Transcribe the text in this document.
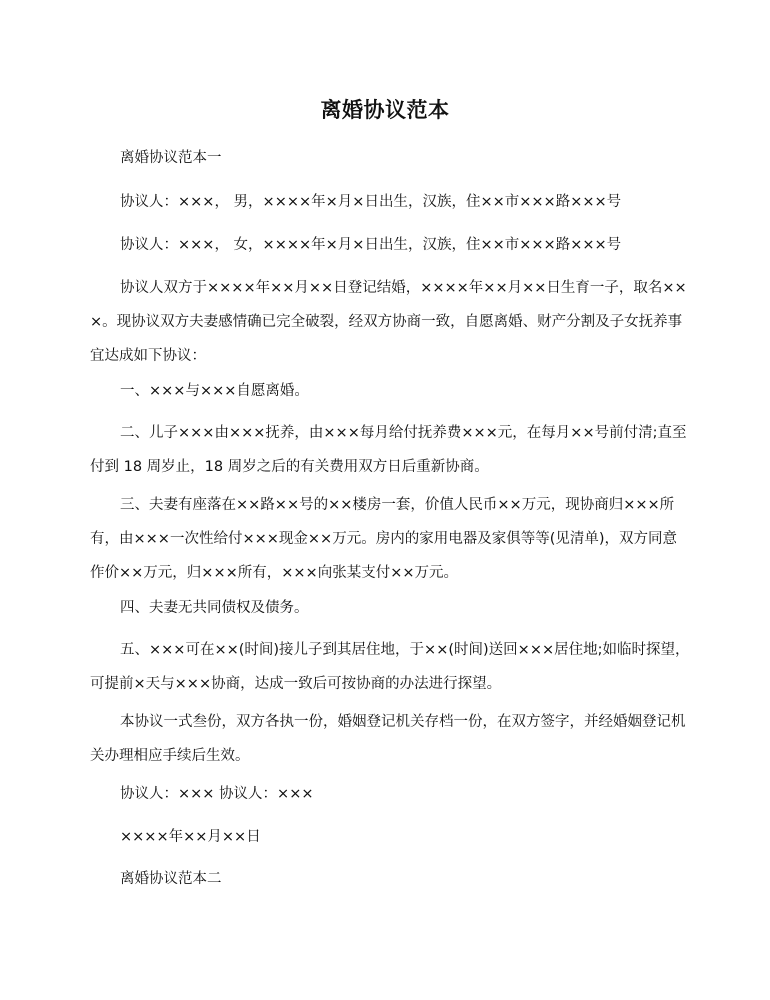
离婚协议范本

离婚协议范本一

协议人：×××， 男，××××年×月×日出生，汉族，住××市×××路×××号

协议人：×××， 女，××××年×月×日出生，汉族，住××市×××路×××号

协议人双方于××××年××月××日登记结婚，××××年××月××日生育一子，取名×××。现协议双方夫妻感情确已完全破裂，经双方协商一致，自愿离婚、财产分割及子女抚养事宜达成如下协议：

一、×××与×××自愿离婚。

二、儿子×××由×××抚养，由×××每月给付抚养费×××元，在每月××号前付清;直至付到 18 周岁止，18 周岁之后的有关费用双方日后重新协商。

三、夫妻有座落在××路××号的××楼房一套，价值人民币××万元，现协商归×××所有，由×××一次性给付×××现金××万元。房内的家用电器及家俱等等(见清单)，双方同意作价××万元，归×××所有，×××向张某支付××万元。

四、夫妻无共同债权及债务。

五、×××可在××(时间)接儿子到其居住地，于××(时间)送回×××居住地;如临时探望，可提前×天与×××协商，达成一致后可按协商的办法进行探望。

本协议一式叁份，双方各执一份，婚姻登记机关存档一份，在双方签字，并经婚姻登记机关办理相应手续后生效。

协议人：××× 协议人：×××

××××年××月××日

离婚协议范本二
